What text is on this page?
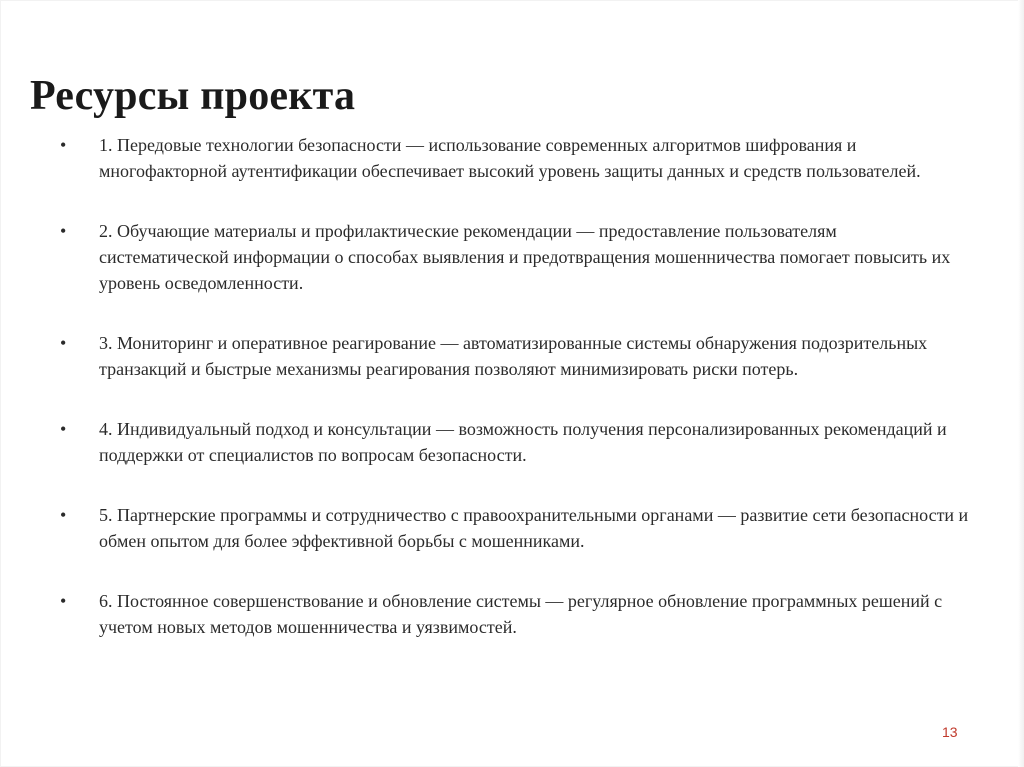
Ресурсы проекта
• 1. Передовые технологии безопасности — использование современных алгоритмов шифрования и многофакторной аутентификации обеспечивает высокий уровень защиты данных и средств пользователей.
• 2. Обучающие материалы и профилактические рекомендации — предоставление пользователям систематической информации о способах выявления и предотвращения мошенничества помогает повысить их уровень осведомленности.
• 3. Мониторинг и оперативное реагирование — автоматизированные системы обнаружения подозрительных транзакций и быстрые механизмы реагирования позволяют минимизировать риски потерь.
• 4. Индивидуальный подход и консультации — возможность получения персонализированных рекомендаций и поддержки от специалистов по вопросам безопасности.
• 5. Партнерские программы и сотрудничество с правоохранительными органами — развитие сети безопасности и обмен опытом для более эффективной борьбы с мошенниками.
• 6. Постоянное совершенствование и обновление системы — регулярное обновление программных решений с учетом новых методов мошенничества и уязвимостей.
13
